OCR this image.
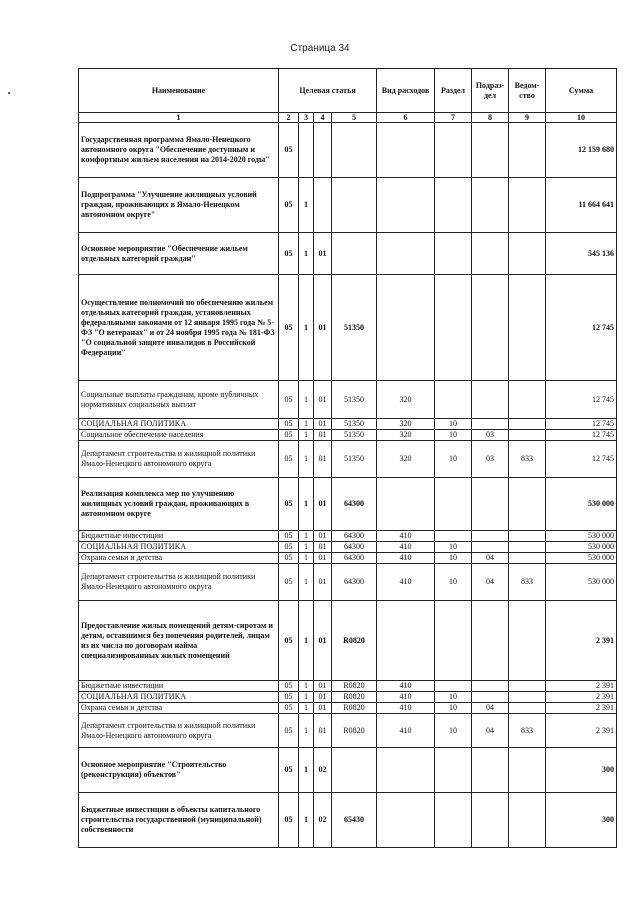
Страница 34
Наименование	Целевая статья				Вид расходов	Раздел	Подраз-дел	Ведом-ство	Сумма
1	2	3	4	5	6	7	8	9	10
Государственная программа Ямало-Ненецкого автономного округа "Обеспечение доступным и комфортным жильем населения на 2014-2020 годы"	05								12 159 680
Подпрограмма "Улучшение жилищных условий граждан, проживающих в Ямало-Ненецком автономном округе"	05	1							11 664 641
Основное мероприятие "Обеспечение жильем отдельных категорий граждан"	05	1	01						545 136
Осуществление полномочий по обеспечению жильем отдельных категорий граждан, установленных федеральными законами от 12 января 1995 года № 5-ФЗ "О ветеранах" и от 24 ноября 1995 года № 181-ФЗ "О социальной защите инвалидов в Российской Федерации"	05	1	01	51350					12 745
Социальные выплаты гражданам, кроме публичных нормативных социальных выплат	05	1	01	51350	320				12 745
СОЦИАЛЬНАЯ ПОЛИТИКА	05	1	01	51350	320	10			12 745
Социальное обеспечение населения	05	1	01	51350	320	10	03		12 745
Департамент строительства и жилищной политики Ямало-Ненецкого автономного округа	05	1	01	51350	320	10	03	833	12 745
Реализация комплекса мер по улучшению жилищных условий граждан, проживающих в автономном округе	05	1	01	64300					530 000
Бюджетные инвестиции	05	1	01	64300	410				530 000
СОЦИАЛЬНАЯ ПОЛИТИКА	05	1	01	64300	410	10			530 000
Охрана семьи и детства	05	1	01	64300	410	10	04		530 000
Департамент строительства и жилищной политики Ямало-Ненецкого автономного округа	05	1	01	64300	410	10	04	833	530 000
Предоставление жилых помещений детям-сиротам и детям, оставшимся без попечения родителей, лицам из их числа по договорам найма специализированных жилых помещений	05	1	01	R0820					2 391
Бюджетные инвестиции	05	1	01	R0820	410				2 391
СОЦИАЛЬНАЯ ПОЛИТИКА	05	1	01	R0820	410	10			2 391
Охрана семьи и детства	05	1	01	R0820	410	10	04		2 391
Департамент строительства и жилищной политики Ямало-Ненецкого автономного округа	05	1	01	R0820	410	10	04	833	2 391
Основное мероприятие "Строительство (реконструкция) объектов"	05	1	02						300
Бюджетные инвестиции в объекты капитального строительства государственной (муниципальной) собственности	05	1	02	65430					300
